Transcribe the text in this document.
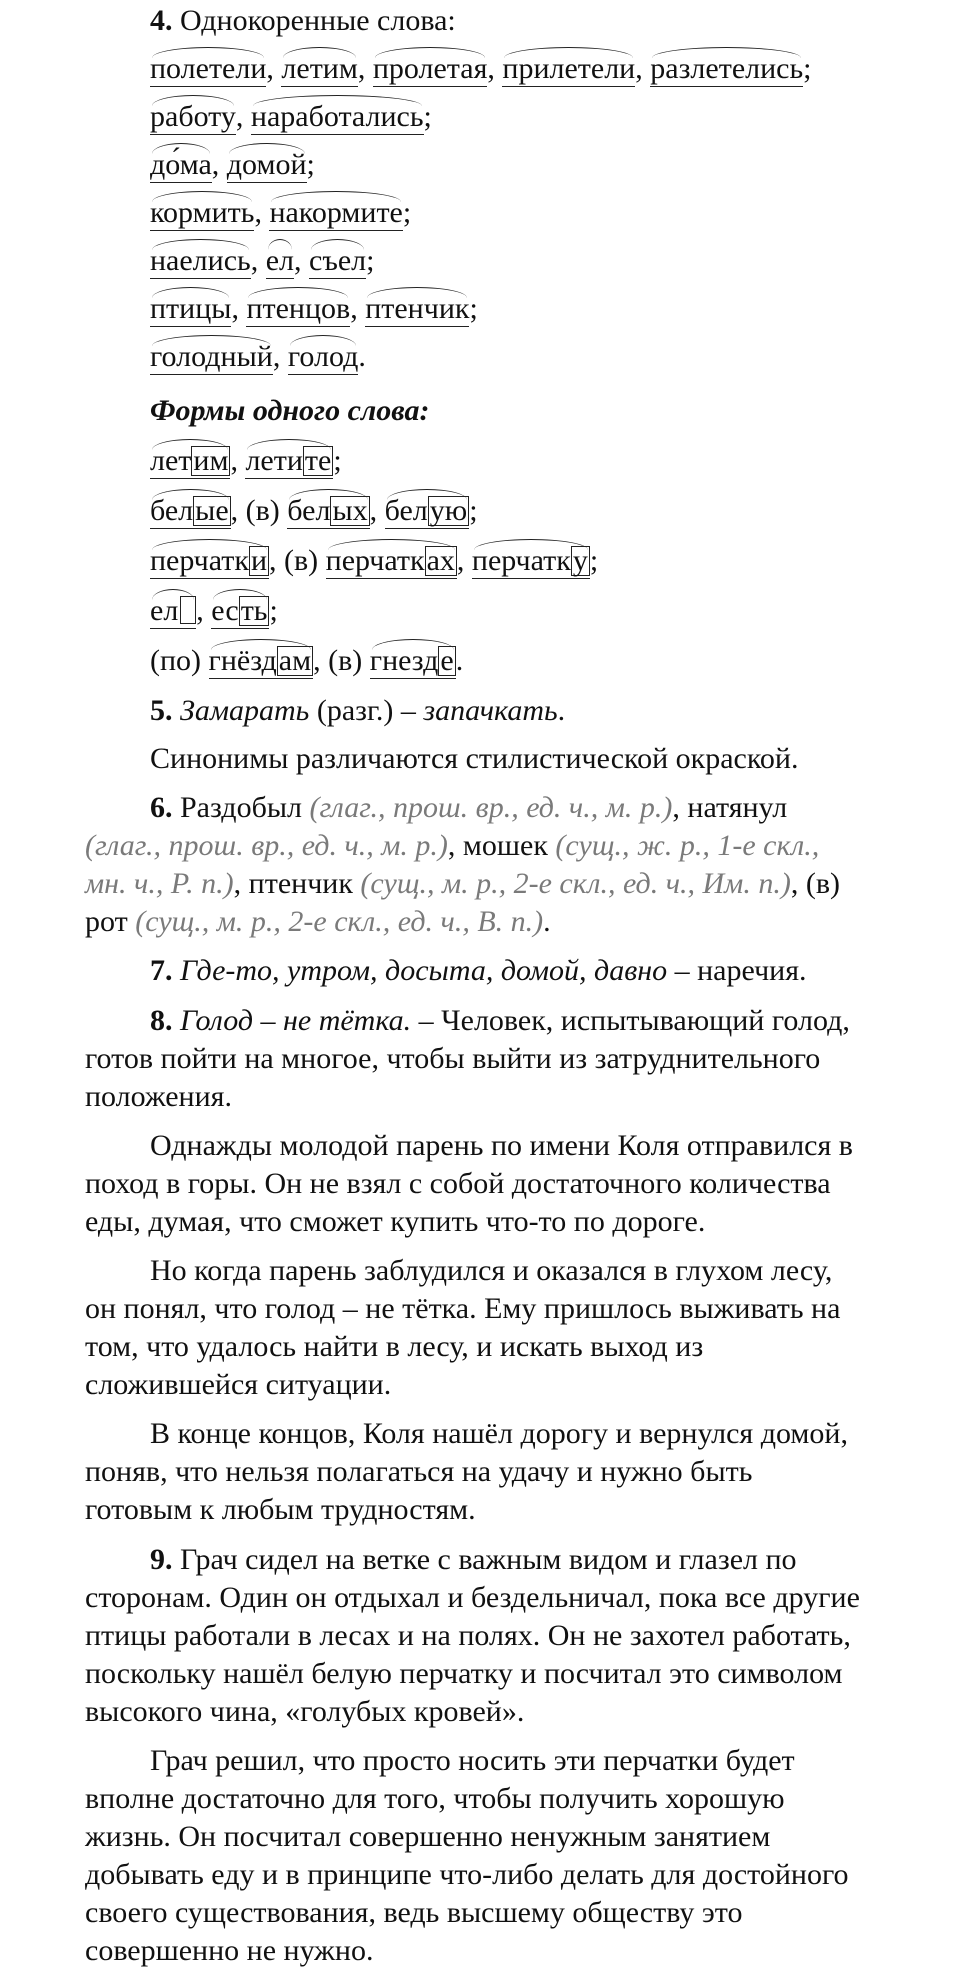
4. Однокоренные слова:

полетели, летим, пролетая, прилетели, разлетелись;

работу, наработались;

до́ма, домой;

кормить, накормите;

наелись, ел, съел;

птицы, птенцов, птенчик;

голодный, голод.

Формы одного слова:

летим, летите;

белые, (в) белых, белую;

перчатки, (в) перчатках, перчатку;

ел , есть;

(по) гнёздам, (в) гнезде.

5. Замарать (разг.) – запачкать.

Синонимы различаются стилистической окраской.

6. Раздобыл (глаг., прош. вр., ед. ч., м. р.), натянул

(глаг., прош. вр., ед. ч., м. р.), мошек (сущ., ж. р., 1-е скл.,

мн. ч., Р. п.), птенчик (сущ., м. р., 2-е скл., ед. ч., Им. п.), (в)

рот (сущ., м. р., 2-е скл., ед. ч., В. п.).

7. Где-то, утром, досыта, домой, давно – наречия.

8. Голод – не тётка. – Человек, испытывающий голод,

готов пойти на многое, чтобы выйти из затруднительного

положения.

Однажды молодой парень по имени Коля отправился в

поход в горы. Он не взял с собой достаточного количества

еды, думая, что сможет купить что-то по дороге.

Но когда парень заблудился и оказался в глухом лесу,

он понял, что голод – не тётка. Ему пришлось выживать на

том, что удалось найти в лесу, и искать выход из

сложившейся ситуации.

В конце концов, Коля нашёл дорогу и вернулся домой,

поняв, что нельзя полагаться на удачу и нужно быть

готовым к любым трудностям.

9. Грач сидел на ветке с важным видом и глазел по

сторонам. Один он отдыхал и бездельничал, пока все другие

птицы работали в лесах и на полях. Он не захотел работать,

поскольку нашёл белую перчатку и посчитал это символом

высокого чина, «голубых кровей».

Грач решил, что просто носить эти перчатки будет

вполне достаточно для того, чтобы получить хорошую

жизнь. Он посчитал совершенно ненужным занятием

добывать еду и в принципе что-либо делать для достойного

своего существования, ведь высшему обществу это

совершенно не нужно.
